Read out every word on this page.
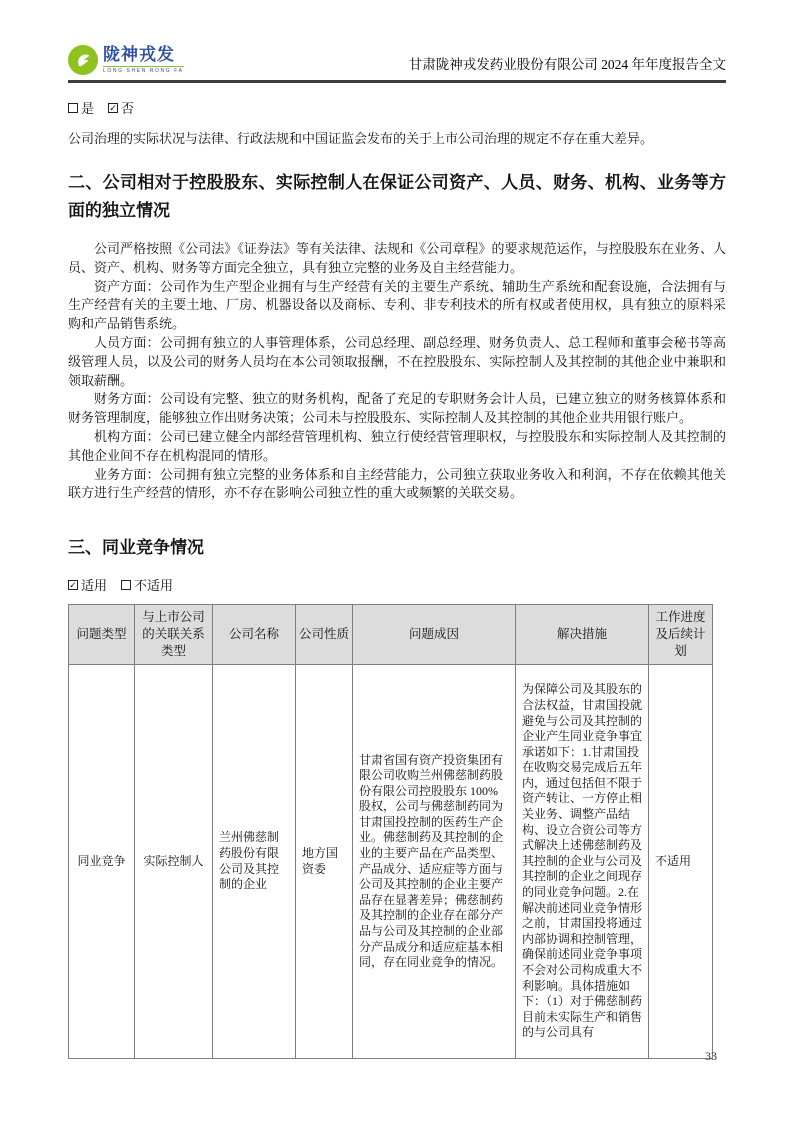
陇神戎发
LONG SHEN RONG FA	甘肃陇神戎发药业股份有限公司 2024 年年度报告全文
是 ✓ 否

公司治理的实际状况与法律、行政法规和中国证监会发布的关于上市公司治理的规定不存在重大差异。

二、公司相对于控股股东、实际控制人在保证公司资产、人员、财务、机构、业务等方面的独立情况

公司严格按照《公司法》《证券法》等有关法律、法规和《公司章程》的要求规范运作，与控股股东在业务、人员、资产、机构、财务等方面完全独立，具有独立完整的业务及自主经营能力。

资产方面：公司作为生产型企业拥有与生产经营有关的主要生产系统、辅助生产系统和配套设施，合法拥有与生产经营有关的主要土地、厂房、机器设备以及商标、专利、非专利技术的所有权或者使用权，具有独立的原料采购和产品销售系统。

人员方面：公司拥有独立的人事管理体系，公司总经理、副总经理、财务负责人、总工程师和董事会秘书等高级管理人员，以及公司的财务人员均在本公司领取报酬，不在控股股东、实际控制人及其控制的其他企业中兼职和领取薪酬。

财务方面：公司设有完整、独立的财务机构，配备了充足的专职财务会计人员，已建立独立的财务核算体系和财务管理制度，能够独立作出财务决策；公司未与控股股东、实际控制人及其控制的其他企业共用银行账户。

机构方面：公司已建立健全内部经营管理机构、独立行使经营管理职权，与控股股东和实际控制人及其控制的其他企业间不存在机构混同的情形。

业务方面：公司拥有独立完整的业务体系和自主经营能力，公司独立获取业务收入和利润，不存在依赖其他关联方进行生产经营的情形，亦不存在影响公司独立性的重大或频繁的关联交易。

三、同业竞争情况
✓ 适用 不适用
问题类型	与上市公司的关联关系类型	公司名称	公司性质	问题成因	解决措施	工作进度及后续计划
同业竞争	实际控制人	兰州佛慈制药股份有限公司及其控制的企业	地方国资委	甘肃省国有资产投资集团有限公司收购兰州佛慈制药股份有限公司控股股东 100%股权，公司与佛慈制药同为甘肃国投控制的医药生产企业。佛慈制药及其控制的企业的主要产品在产品类型、产品成分、适应症等方面与公司及其控制的企业主要产品存在显著差异；佛慈制药及其控制的企业存在部分产品与公司及其控制的企业部分产品成分和适应症基本相同，存在同业竞争的情况。	为保障公司及其股东的合法权益，甘肃国投就避免与公司及其控制的企业产生同业竞争事宜承诺如下：1.甘肃国投在收购交易完成后五年内，通过包括但不限于资产转让、一方停止相关业务、调整产品结构、设立合资公司等方式解决上述佛慈制药及其控制的企业与公司及其控制的企业之间现存的同业竞争问题。2.在解决前述同业竞争情形之前，甘肃国投将通过内部协调和控制管理，确保前述同业竞争事项不会对公司构成重大不利影响。具体措施如下：（1）对于佛慈制药目前未实际生产和销售的与公司具有	不适用
33
